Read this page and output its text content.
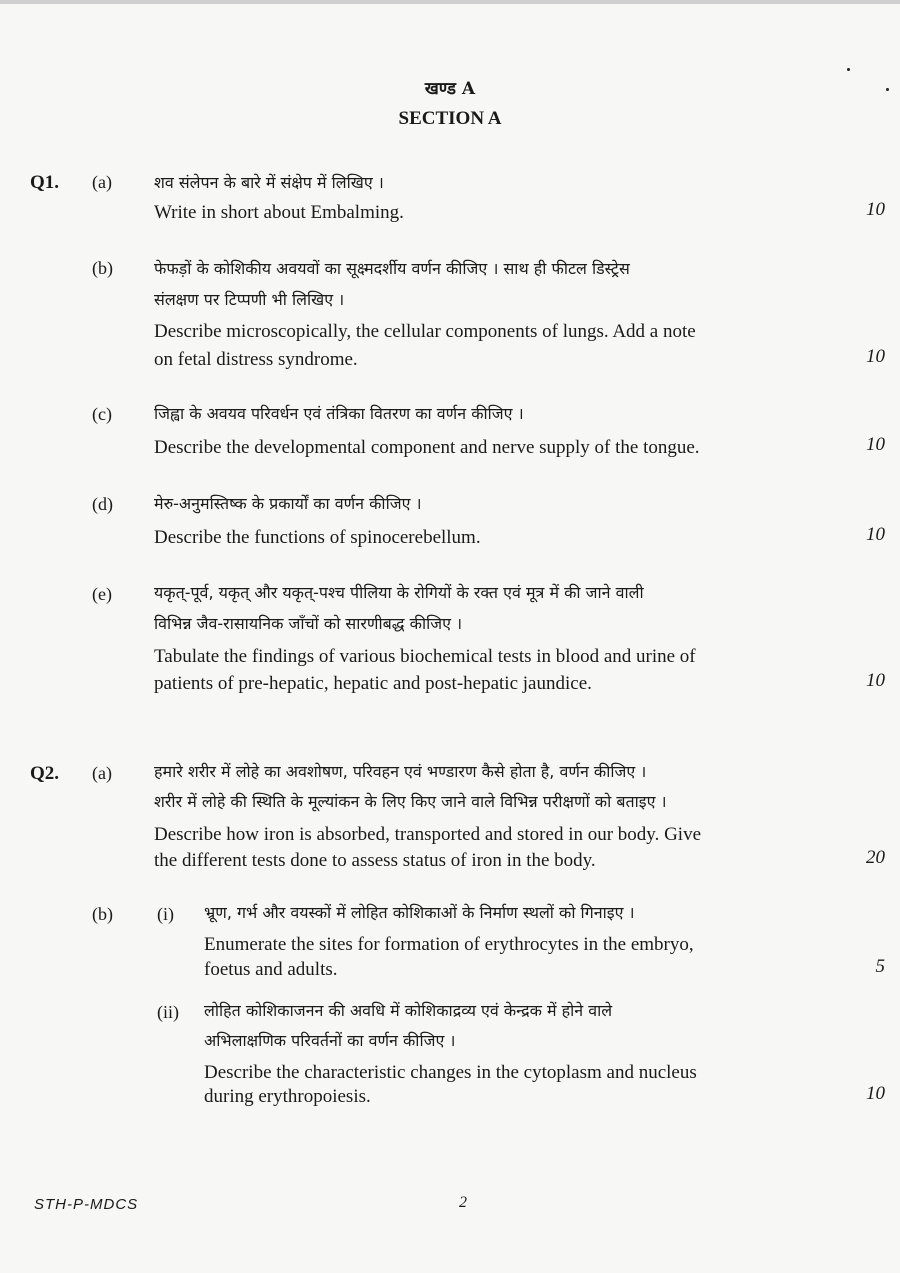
खण्ड A
SECTION A
Q1. (a)	शव संलेपन के बारे में संक्षेप में लिखिए ।
Write in short about Embalming.	10
(b)	फेफड़ों के कोशिकीय अवयवों का सूक्ष्मदर्शीय वर्णन कीजिए । साथ ही फीटल डिस्ट्रेस
संलक्षण पर टिप्पणी भी लिखिए ।
Describe microscopically, the cellular components of lungs. Add a note
on fetal distress syndrome.	10
(c)	जिह्वा के अवयव परिवर्धन एवं तंत्रिका वितरण का वर्णन कीजिए ।
Describe the developmental component and nerve supply of the tongue.	10
(d)	मेरु-अनुमस्तिष्क के प्रकार्यों का वर्णन कीजिए ।
Describe the functions of spinocerebellum.	10
(e)	यकृत्-पूर्व, यकृत् और यकृत्-पश्च पीलिया के रोगियों के रक्त एवं मूत्र में की जाने वाली
विभिन्न जैव-रासायनिक जाँचों को सारणीबद्ध कीजिए ।
Tabulate the findings of various biochemical tests in blood and urine of
patients of pre-hepatic, hepatic and post-hepatic jaundice.	10
Q2. (a)	हमारे शरीर में लोहे का अवशोषण, परिवहन एवं भण्डारण कैसे होता है, वर्णन कीजिए ।
शरीर में लोहे की स्थिति के मूल्यांकन के लिए किए जाने वाले विभिन्न परीक्षणों को बताइए ।
Describe how iron is absorbed, transported and stored in our body. Give
the different tests done to assess status of iron in the body.	20
(b) (i) भ्रूण, गर्भ और वयस्कों में लोहित कोशिकाओं के निर्माण स्थलों को गिनाइए ।
Enumerate the sites for formation of erythrocytes in the embryo,
foetus and adults.	5
(ii) लोहित कोशिकाजनन की अवधि में कोशिकाद्रव्य एवं केन्द्रक में होने वाले
अभिलाक्षणिक परिवर्तनों का वर्णन कीजिए ।
Describe the characteristic changes in the cytoplasm and nucleus
during erythropoiesis.	10
STH-P-MDCS	2
